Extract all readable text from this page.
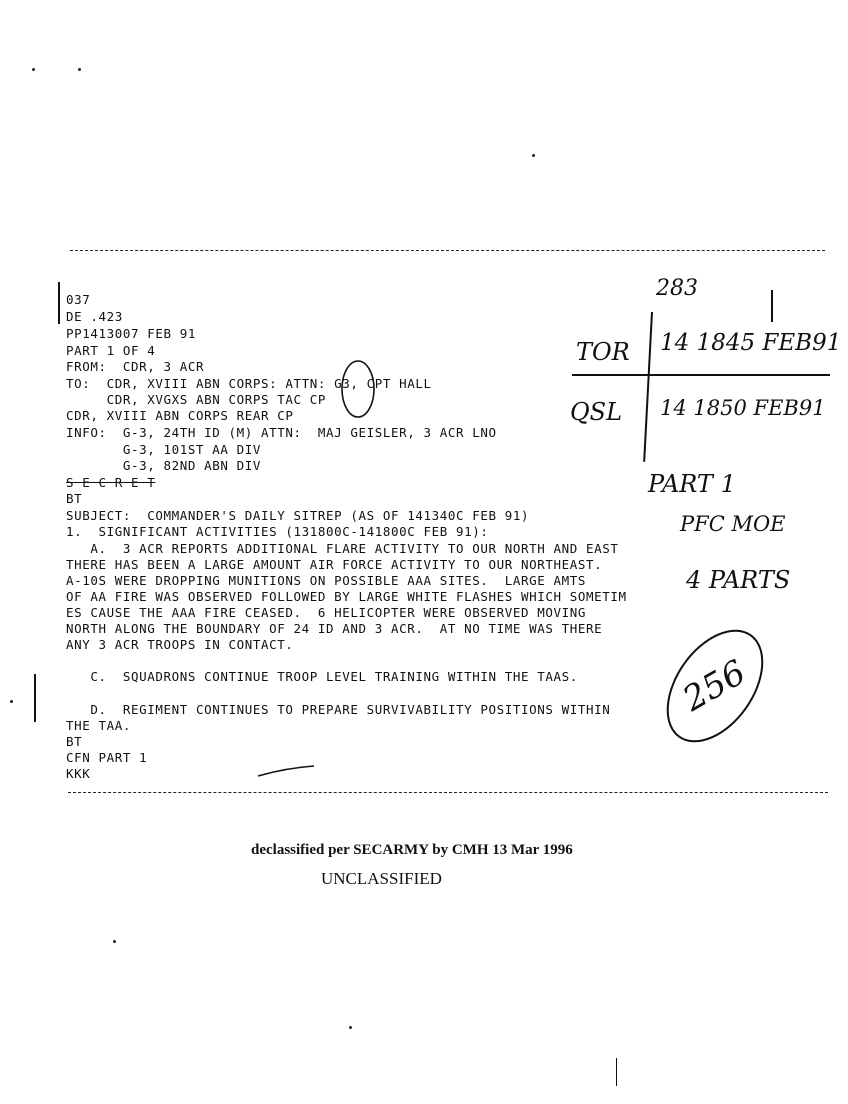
037
DE .423
PP1413007 FEB 91
PART 1 OF 4
FROM:  CDR, 3 ACR
TO:  CDR, XVIII ABN CORPS: ATTN: G3, CPT HALL
CDR, XVGXS ABN CORPS TAC CP
CDR, XVIII ABN CORPS REAR CP
INFO:  G-3, 24TH ID (M) ATTN:  MAJ GEISLER, 3 ACR LNO
G-3, 101ST AA DIV
G-3, 82ND ABN DIV
S E C R E T
BT
SUBJECT:  COMMANDER'S DAILY SITREP (AS OF 141340C FEB 91)
1.  SIGNIFICANT ACTIVITIES (131800C-141800C FEB 91):
A.  3 ACR REPORTS ADDITIONAL FLARE ACTIVITY TO OUR NORTH AND EAST
THERE HAS BEEN A LARGE AMOUNT AIR FORCE ACTIVITY TO OUR NORTHEAST.
A-10S WERE DROPPING MUNITIONS ON POSSIBLE AAA SITES.  LARGE AMTS
OF AA FIRE WAS OBSERVED FOLLOWED BY LARGE WHITE FLASHES WHICH SOMETIM
ES CAUSE THE AAA FIRE CEASED.  6 HELICOPTER WERE OBSERVED MOVING
NORTH ALONG THE BOUNDARY OF 24 ID AND 3 ACR.  AT NO TIME WAS THERE
ANY 3 ACR TROOPS IN CONTACT.
C.  SQUADRONS CONTINUE TROOP LEVEL TRAINING WITHIN THE TAAS.
D.  REGIMENT CONTINUES TO PREPARE SURVIVABILITY POSITIONS WITHIN
THE TAA.
BT
CFN PART 1
KKK
283
TOR 14 1845 FEB91
QSL 14 1850 FEB91
PART 1
PFC MOE
4 PARTS
256
declassified per SECARMY by CMH 13 Mar 1996
UNCLASSIFIED
